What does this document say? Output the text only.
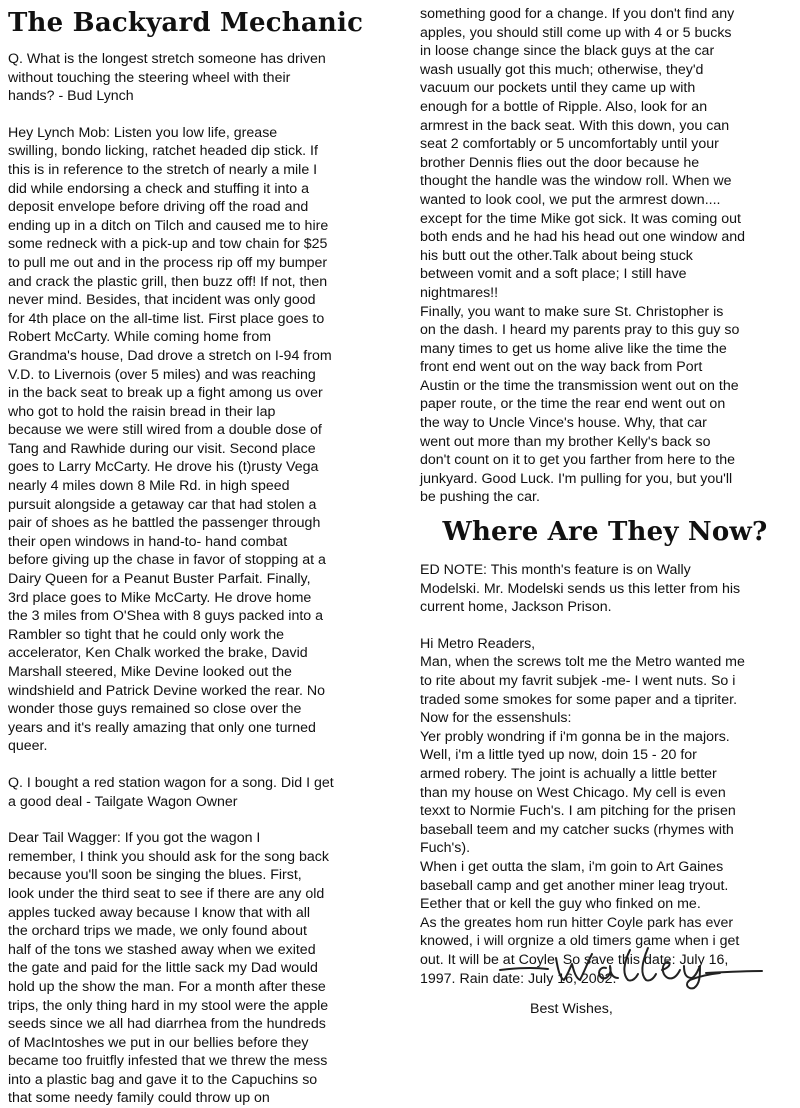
The Backyard Mechanic
Q. What is the longest stretch someone has driven
without touching the steering wheel with their
hands? - Bud Lynch
Hey Lynch Mob: Listen you low life, grease
swilling, bondo licking, ratchet headed dip stick. If
this is in reference to the stretch of nearly a mile I
did while endorsing a check and stuffing it into a
deposit envelope before driving off the road and
ending up in a ditch on Tilch and caused me to hire
some redneck with a pick-up and tow chain for $25
to pull me out and in the process rip off my bumper
and crack the plastic grill, then buzz off! If not, then
never mind. Besides, that incident was only good
for 4th place on the all-time list. First place goes to
Robert McCarty. While coming home from
Grandma's house, Dad drove a stretch on I-94 from
V.D. to Livernois (over 5 miles) and was reaching
in the back seat to break up a fight among us over
who got to hold the raisin bread in their lap
because we were still wired from a double dose of
Tang and Rawhide during our visit. Second place
goes to Larry McCarty. He drove his (t)rusty Vega
nearly 4 miles down 8 Mile Rd. in high speed
pursuit alongside a getaway car that had stolen a
pair of shoes as he battled the passenger through
their open windows in hand-to- hand combat
before giving up the chase in favor of stopping at a
Dairy Queen for a Peanut Buster Parfait. Finally,
3rd place goes to Mike McCarty. He drove home
the 3 miles from O'Shea with 8 guys packed into a
Rambler so tight that he could only work the
accelerator, Ken Chalk worked the brake, David
Marshall steered, Mike Devine looked out the
windshield and Patrick Devine worked the rear. No
wonder those guys remained so close over the
years and it's really amazing that only one turned
queer.
Q. I bought a red station wagon for a song. Did I get
a good deal - Tailgate Wagon Owner
Dear Tail Wagger: If you got the wagon I
remember, I think you should ask for the song back
because you'll soon be singing the blues. First,
look under the third seat to see if there are any old
apples tucked away because I know that with all
the orchard trips we made, we only found about
half of the tons we stashed away when we exited
the gate and paid for the little sack my Dad would
hold up the show the man. For a month after these
trips, the only thing hard in my stool were the apple
seeds since we all had diarrhea from the hundreds
of MacIntoshes we put in our bellies before they
became too fruitfly infested that we threw the mess
into a plastic bag and gave it to the Capuchins so
that some needy family could throw up on
something good for a change. If you don't find any
apples, you should still come up with 4 or 5 bucks
in loose change since the black guys at the car
wash usually got this much; otherwise, they'd
vacuum our pockets until they came up with
enough for a bottle of Ripple. Also, look for an
armrest in the back seat. With this down, you can
seat 2 comfortably or 5 uncomfortably until your
brother Dennis flies out the door because he
thought the handle was the window roll. When we
wanted to look cool, we put the armrest down....
except for the time Mike got sick. It was coming out
both ends and he had his head out one window and
his butt out the other.Talk about being stuck
between vomit and a soft place; I still have
nightmares!!
Finally, you want to make sure St. Christopher is
on the dash. I heard my parents pray to this guy so
many times to get us home alive like the time the
front end went out on the way back from Port
Austin or the time the transmission went out on the
paper route, or the time the rear end went out on
the way to Uncle Vince's house. Why, that car
went out more than my brother Kelly's back so
don't count on it to get you farther from here to the
junkyard. Good Luck. I'm pulling for you, but you'll
be pushing the car.
Where Are They Now?
ED NOTE: This month's feature is on Wally
Modelski. Mr. Modelski sends us this letter from his
current home, Jackson Prison.
Hi Metro Readers,
Man, when the screws tolt me the Metro wanted me
to rite about my favrit subjek -me- I went nuts. So i
traded some smokes for some paper and a tipriter.
Now for the essenshuls:
Yer probly wondring if i'm gonna be in the majors.
Well, i'm a little tyed up now, doin 15 - 20 for
armed robery. The joint is achually a little better
than my house on West Chicago. My cell is even
texxt to Normie Fuch's. I am pitching for the prisen
baseball teem and my catcher sucks (rhymes with
Fuch's).
When i get outta the slam, i'm goin to Art Gaines
baseball camp and get another miner leag tryout.
Eether that or kell the guy who finked on me.
As the greates hom run hitter Coyle park has ever
knowed, i will orgnize a old timers game when i get
out. It will be at Coyle. So save this date: July 16,
1997. Rain date: July 16, 2002.
Best Wishes,
